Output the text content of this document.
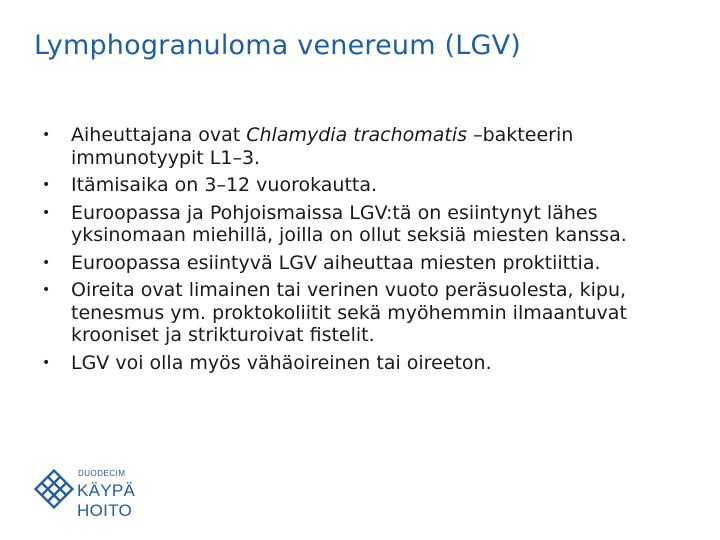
Lymphogranuloma venereum (LGV)
• Aiheuttajana ovat Chlamydia trachomatis –bakteerin immunotyypit L1–3.
• Itämisaika on 3–12 vuorokautta.
• Euroopassa ja Pohjoismaissa LGV:tä on esiintynyt lähes yksinomaan miehillä, joilla on ollut seksiä miesten kanssa.
• Euroopassa esiintyvä LGV aiheuttaa miesten proktiittia.
• Oireita ovat limainen tai verinen vuoto peräsuolesta, kipu, tenesmus ym. proktokoliitit sekä myöhemmin ilmaantuvat krooniset ja strikturoivat fistelit.
• LGV voi olla myös vähäoireinen tai oireeton.
DUODECIM
KÄYPÄ HOITO
